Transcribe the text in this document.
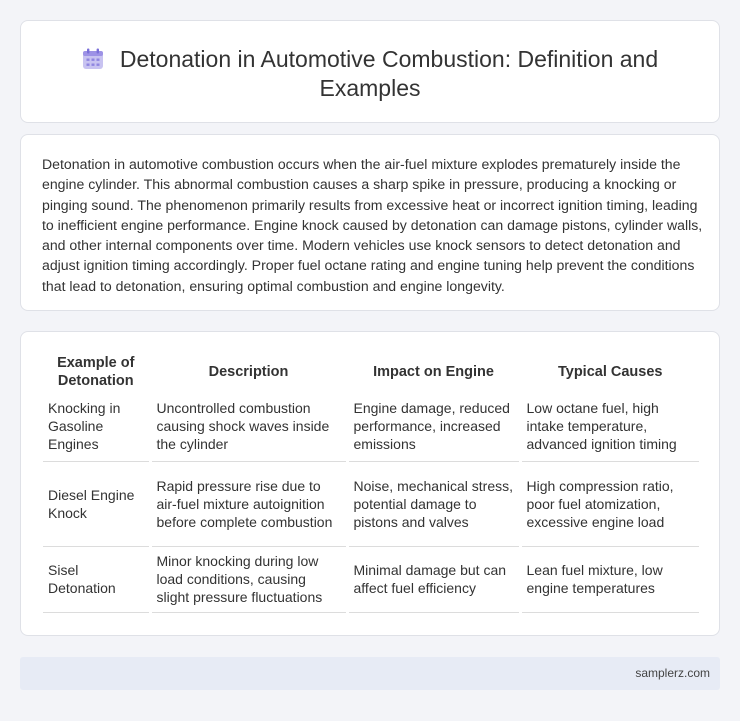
Detonation in Automotive Combustion: Definition and Examples

Detonation in automotive combustion occurs when the air-fuel mixture explodes prematurely inside the engine cylinder. This abnormal combustion causes a sharp spike in pressure, producing a knocking or pinging sound. The phenomenon primarily results from excessive heat or incorrect ignition timing, leading to inefficient engine performance. Engine knock caused by detonation can damage pistons, cylinder walls, and other internal components over time. Modern vehicles use knock sensors to detect detonation and adjust ignition timing accordingly. Proper fuel octane rating and engine tuning help prevent the conditions that lead to detonation, ensuring optimal combustion and engine longevity.

Example of Detonation	Description	Impact on Engine	Typical Causes
Knocking in Gasoline Engines	Uncontrolled combustion causing shock waves inside the cylinder	Engine damage, reduced performance, increased emissions	Low octane fuel, high intake temperature, advanced ignition timing
Diesel Engine Knock	Rapid pressure rise due to air-fuel mixture autoignition before complete combustion	Noise, mechanical stress, potential damage to pistons and valves	High compression ratio, poor fuel atomization, excessive engine load
Sisel Detonation	Minor knocking during low load conditions, causing slight pressure fluctuations	Minimal damage but can affect fuel efficiency	Lean fuel mixture, low engine temperatures
samplerz.com
